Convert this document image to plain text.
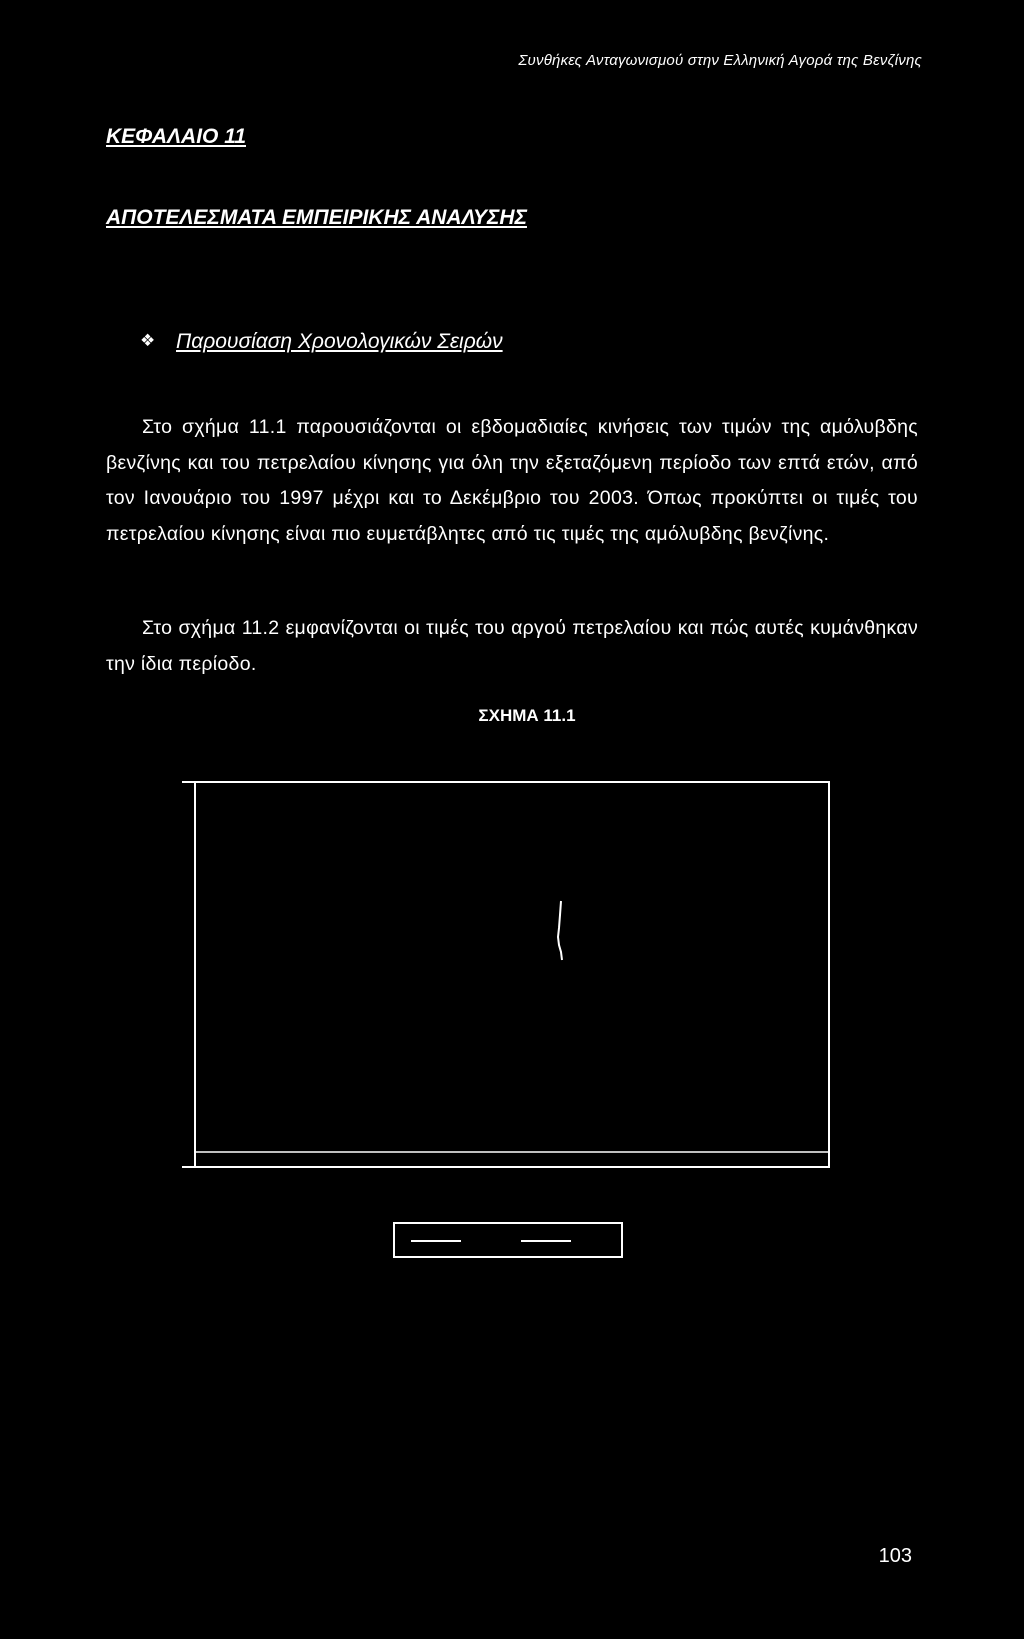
Συνθήκες Ανταγωνισμού στην Ελληνική Αγορά της Βενζίνης
ΚΕΦΑΛΑΙΟ 11
ΑΠΟΤΕΛΕΣΜΑΤΑ ΕΜΠΕΙΡΙΚΗΣ ΑΝΑΛΥΣΗΣ
❖ Παρουσίαση Χρονολογικών Σειρών
Στο σχήμα 11.1 παρουσιάζονται οι εβδομαδιαίες κινήσεις των τιμών της αμόλυβδης βενζίνης και του πετρελαίου κίνησης για όλη την εξεταζόμενη περίοδο των επτά ετών, από τον Ιανουάριο του 1997 μέχρι και το Δεκέμβριο του 2003. Όπως προκύπτει οι τιμές του πετρελαίου κίνησης είναι πιο ευμετάβλητες από τις τιμές της αμόλυβδης βενζίνης.
Στο σχήμα 11.2 εμφανίζονται οι τιμές του αργού πετρελαίου και πώς αυτές κυμάνθηκαν την ίδια περίοδο.
ΣΧΗΜΑ 11.1
103
